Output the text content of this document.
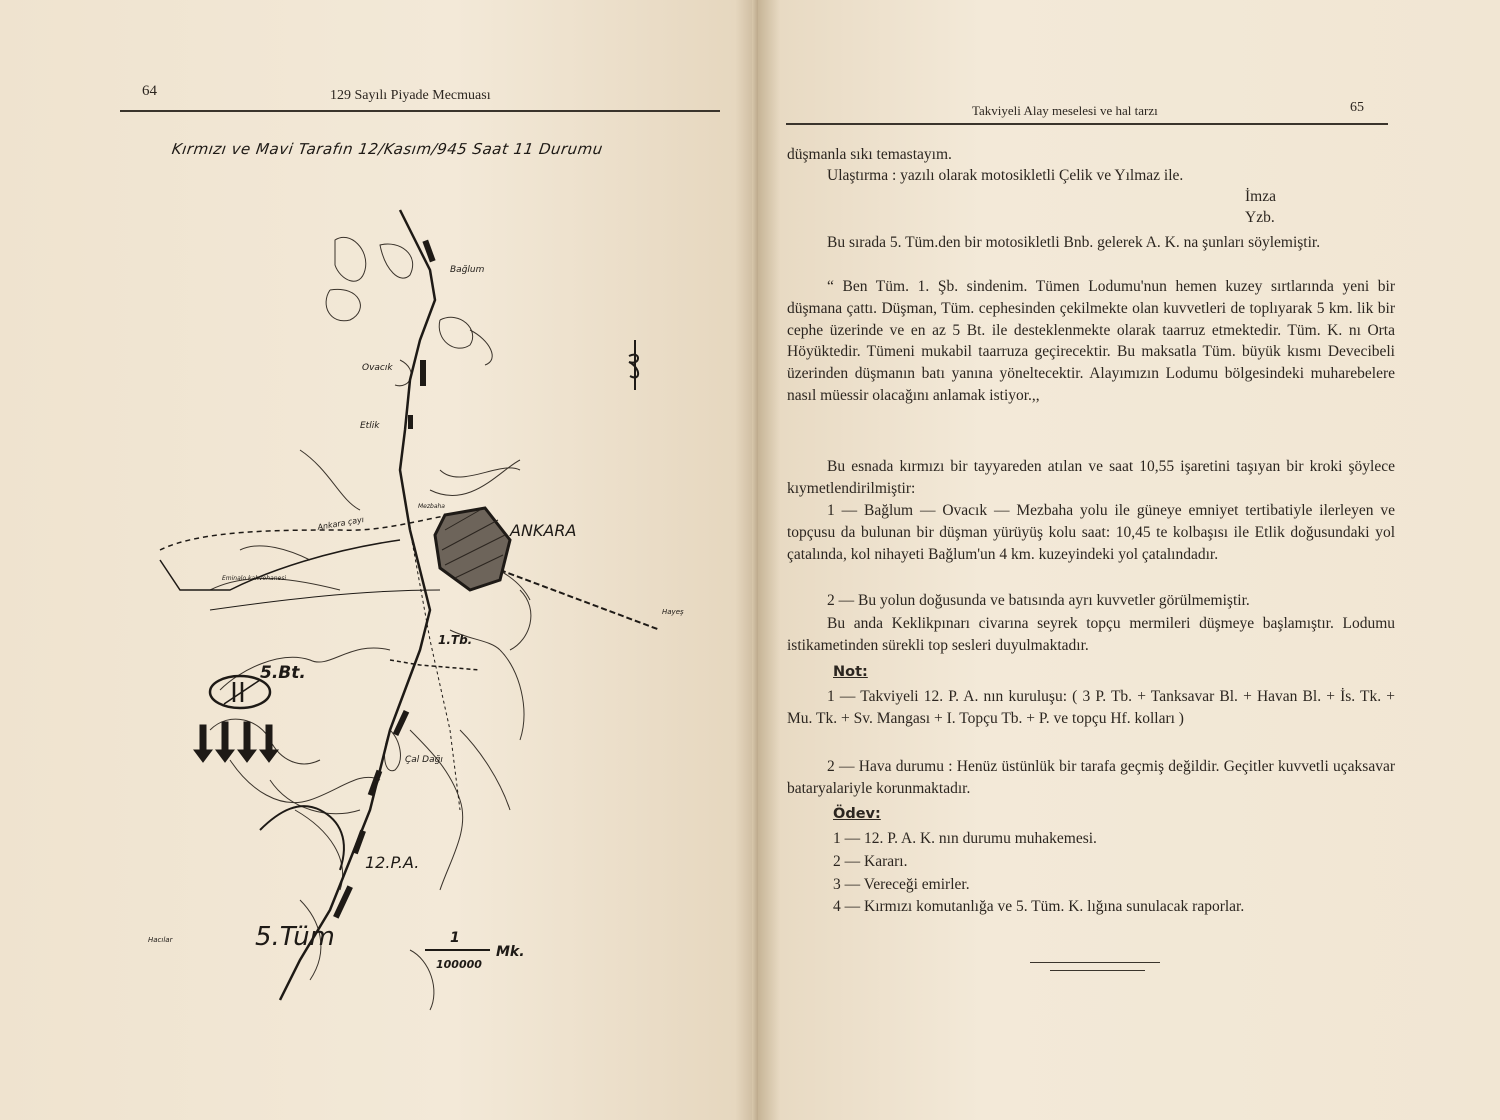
64	129 Sayılı Piyade Mecmuası
Kırmızı ve Mavi Tarafın 12/Kasım/945 Saat 11 Durumu
Bağlum
Ovacık
Etlik
ANKARA
Ankara çayı
Mezbaha
Eminalo kahvehanesi
Hayeş
1.Tb.
5.Bt.
Çal Dağı
12.P.A.
5.Tüm
Hacılar	1
100000
Mk.
Takviyeli Alay meselesi ve hal tarzı	65
düşmanla sıkı temastayım.
Ulaştırma : yazılı olarak motosikletli Çelik ve Yılmaz ile.
İmza
Yzb.
Bu sırada 5. Tüm.den bir motosikletli Bnb. gelerek A. K. na şunları söylemiştir.
“ Ben Tüm. 1. Şb. sindenim. Tümen Lodumu'nun hemen kuzey sırtlarında yeni bir düşmana çattı. Düşman, Tüm. cephesinden çekilmekte olan kuvvetleri de toplıyarak 5 km. lik bir cephe üzerinde ve en az 5 Bt. ile desteklenmekte olarak taarruz etmektedir. Tüm. K. nı Orta Höyüktedir. Tümeni mukabil taarruza geçirecektir. Bu maksatla Tüm. büyük kısmı Devecibeli üzerinden düşmanın batı yanına yöneltecektir. Alayımızın Lodumu bölgesindeki muharebelere nasıl müessir olacağını anlamak istiyor.,,
Bu esnada kırmızı bir tayyareden atılan ve saat 10,55 işaretini taşıyan bir kroki şöylece kıymetlendirilmiştir:
1 — Bağlum — Ovacık — Mezbaha yolu ile güneye emniyet tertibatiyle ilerleyen ve topçusu da bulunan bir düşman yürüyüş kolu saat: 10,45 te kolbaşısı ile Etlik doğusundaki yol çatalında, kol nihayeti Bağlum'un 4 km. kuzeyindeki yol çatalındadır.
2 — Bu yolun doğusunda ve batısında ayrı kuvvetler görülmemiştir.
Bu anda Keklikpınarı civarına seyrek topçu mermileri düşmeye başlamıştır. Lodumu istikametinden sürekli top sesleri duyulmaktadır.
Not:
1 — Takviyeli 12. P. A. nın kuruluşu: ( 3 P. Tb. + Tanksavar Bl. + Havan Bl. + İs. Tk. + Mu. Tk. + Sv. Mangası + I. Topçu Tb. + P. ve topçu Hf. kolları )
2 — Hava durumu : Henüz üstünlük bir tarafa geçmiş değildir. Geçitler kuvvetli uçaksavar bataryalariyle korunmaktadır.
Ödev:
1 — 12. P. A. K. nın durumu muhakemesi.
2 — Kararı.
3 — Vereceği emirler.
4 — Kırmızı komutanlığa ve 5. Tüm. K. lığına sunulacak raporlar.
